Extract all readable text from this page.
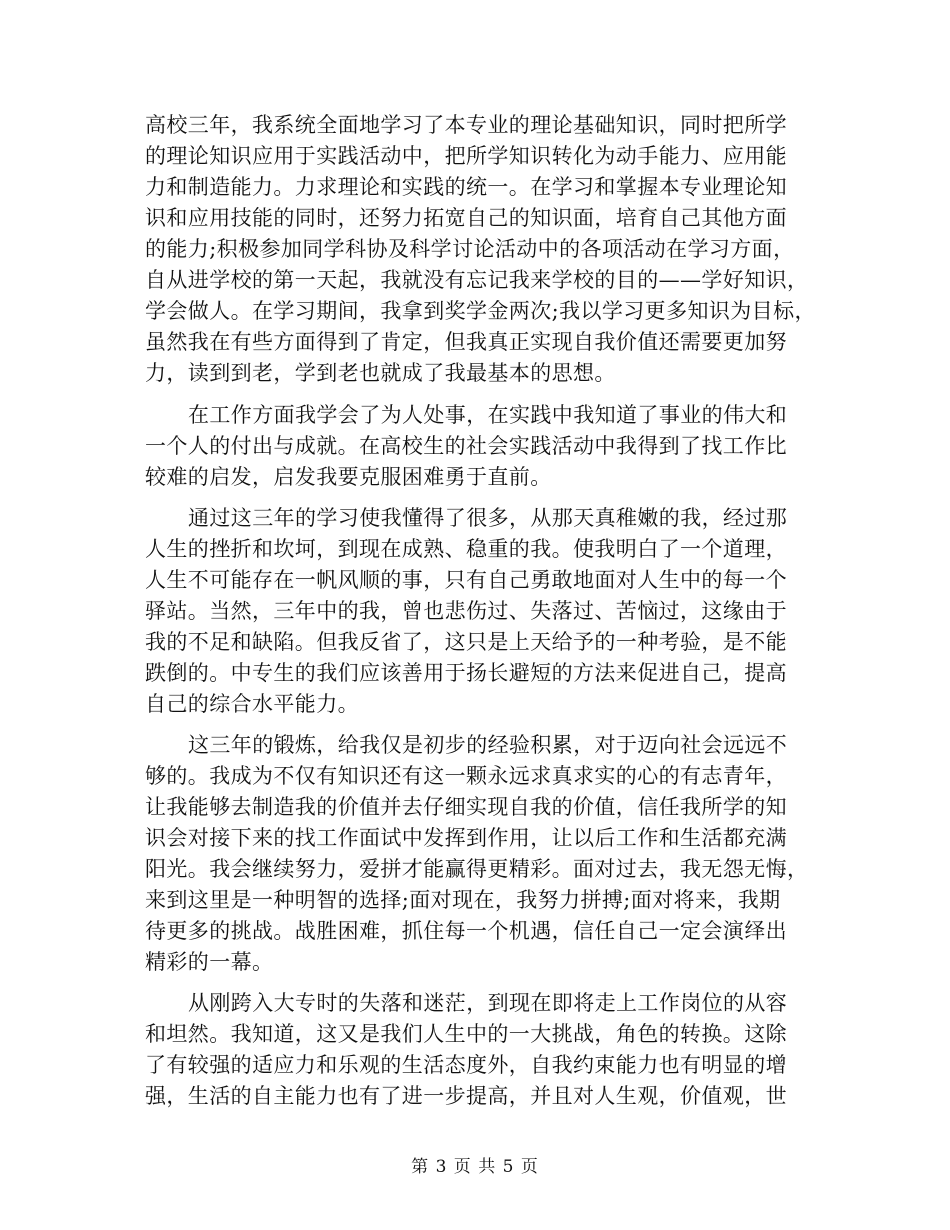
高校三年，我系统全面地学习了本专业的理论基础知识，同时把所学
的理论知识应用于实践活动中，把所学知识转化为动手能力、应用能
力和制造能力。力求理论和实践的统一。在学习和掌握本专业理论知
识和应用技能的同时，还努力拓宽自己的知识面，培育自己其他方面
的能力;积极参加同学科协及科学讨论活动中的各项活动在学习方面，
自从进学校的第一天起，我就没有忘记我来学校的目的——学好知识，
学会做人。在学习期间，我拿到奖学金两次;我以学习更多知识为目标，
虽然我在有些方面得到了肯定，但我真正实现自我价值还需要更加努
力，读到到老，学到老也就成了我最基本的思想。
在工作方面我学会了为人处事，在实践中我知道了事业的伟大和
一个人的付出与成就。在高校生的社会实践活动中我得到了找工作比
较难的启发，启发我要克服困难勇于直前。
通过这三年的学习使我懂得了很多，从那天真稚嫩的我，经过那
人生的挫折和坎坷，到现在成熟、稳重的我。使我明白了一个道理，
人生不可能存在一帆风顺的事，只有自己勇敢地面对人生中的每一个
驿站。当然，三年中的我，曾也悲伤过、失落过、苦恼过，这缘由于
我的不足和缺陷。但我反省了，这只是上天给予的一种考验，是不能
跌倒的。中专生的我们应该善用于扬长避短的方法来促进自己，提高
自己的综合水平能力。
这三年的锻炼，给我仅是初步的经验积累，对于迈向社会远远不
够的。我成为不仅有知识还有这一颗永远求真求实的心的有志青年，
让我能够去制造我的价值并去仔细实现自我的价值，信任我所学的知
识会对接下来的找工作面试中发挥到作用，让以后工作和生活都充满
阳光。我会继续努力，爱拼才能赢得更精彩。面对过去，我无怨无悔，
来到这里是一种明智的选择;面对现在，我努力拼搏;面对将来，我期
待更多的挑战。战胜困难，抓住每一个机遇，信任自己一定会演绎出
精彩的一幕。
从刚跨入大专时的失落和迷茫，到现在即将走上工作岗位的从容
和坦然。我知道，这又是我们人生中的一大挑战，角色的转换。这除
了有较强的适应力和乐观的生活态度外，自我约束能力也有明显的增
强，生活的自主能力也有了进一步提高，并且对人生观，价值观，世
第 3 页 共 5 页
